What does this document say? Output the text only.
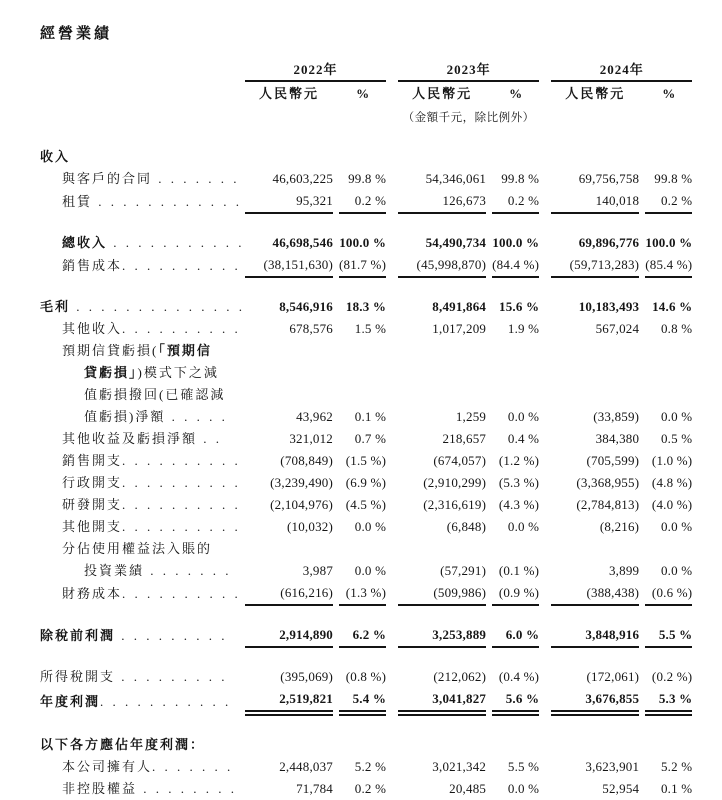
經營業績
	2022年				2023年				2024年		
	人民幣元		%		人民幣元		%		人民幣元		%
					（金額千元，除比例外）						

收入											
與客戶的合同 . . . . . . .	46,603,225		99.8 %		54,346,061		99.8 %		69,756,758		99.8 %
租賃 . . . . . . . . . . . .	95,321		0.2 %		126,673		0.2 %		140,018		0.2 %

總收入 . . . . . . . . . . .	46,698,546		100.0 %		54,490,734		100.0 %		69,896,776		100.0 %
銷售成本. . . . . . . . . .	(38,151,630)		(81.7 %)		(45,998,870)		(84.4 %)		(59,713,283)		(85.4 %)

毛利 . . . . . . . . . . . . . .	8,546,916		18.3 %		8,491,864		15.6 %		10,183,493		14.6 %
其他收入. . . . . . . . . .	678,576		1.5 %		1,017,209		1.9 %		567,024		0.8 %
預期信貸虧損(「預期信											
貸虧損」)模式下之減											
值虧損撥回(已確認減											
值虧損)淨額 . . . . .	43,962		0.1 %		1,259		0.0 %		(33,859)		0.0 %
其他收益及虧損淨額 . .	321,012		0.7 %		218,657		0.4 %		384,380		0.5 %
銷售開支. . . . . . . . . .	(708,849)		(1.5 %)		(674,057)		(1.2 %)		(705,599)		(1.0 %)
行政開支. . . . . . . . . .	(3,239,490)		(6.9 %)		(2,910,299)		(5.3 %)		(3,368,955)		(4.8 %)
研發開支. . . . . . . . . .	(2,104,976)		(4.5 %)		(2,316,619)		(4.3 %)		(2,784,813)		(4.0 %)
其他開支. . . . . . . . . .	(10,032)		0.0 %		(6,848)		0.0 %		(8,216)		0.0 %
分佔使用權益法入賬的											
投資業績 . . . . . . .	3,987		0.0 %		(57,291)		(0.1 %)		3,899		0.0 %
財務成本. . . . . . . . . .	(616,216)		(1.3 %)		(509,986)		(0.9 %)		(388,438)		(0.6 %)

除稅前利潤 . . . . . . . . .	2,914,890		6.2 %		3,253,889		6.0 %		3,848,916		5.5 %

所得稅開支 . . . . . . . . .	(395,069)		(0.8 %)		(212,062)		(0.4 %)		(172,061)		(0.2 %)
年度利潤. . . . . . . . . . .	2,519,821		5.4 %		3,041,827		5.6 %		3,676,855		5.3 %

以下各方應佔年度利潤：											
本公司擁有人. . . . . . .	2,448,037		5.2 %		3,021,342		5.5 %		3,623,901		5.2 %
非控股權益 . . . . . . . .	71,784		0.2 %		20,485		0.0 %		52,954		0.1 %
